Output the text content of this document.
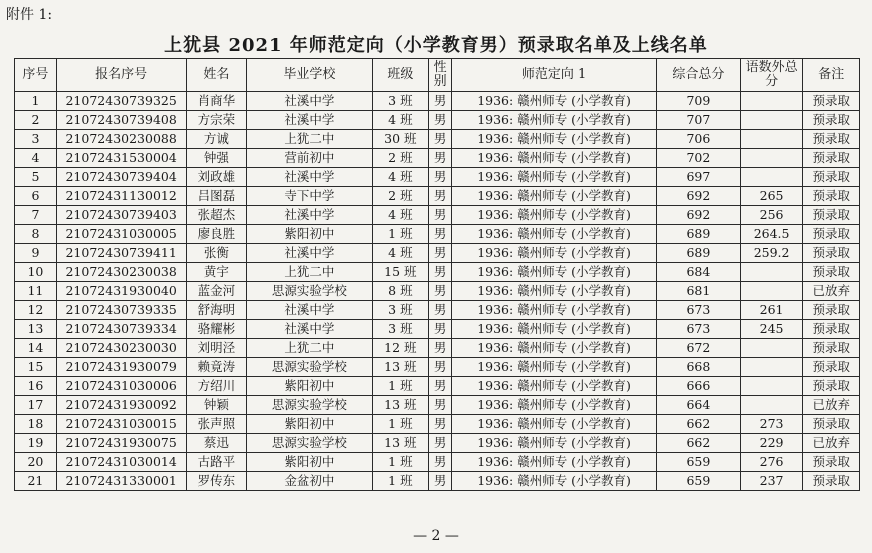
附件 1:
上犹县 2021 年师范定向（小学教育男）预录取名单及上线名单
序号	报名序号	姓名	毕业学校	班级	性别	师范定向 1	综合总分	语数外总分	备注

1	21072430739325	肖商华	社溪中学	3 班	男	1936: 赣州师专 (小学教育)	709		预录取
2	21072430739408	方宗荣	社溪中学	4 班	男	1936: 赣州师专 (小学教育)	707		预录取
3	21072430230088	方诚	上犹二中	30 班	男	1936: 赣州师专 (小学教育)	706		预录取
4	21072431530004	钟强	营前初中	2 班	男	1936: 赣州师专 (小学教育)	702		预录取
5	21072430739404	刘政雄	社溪中学	4 班	男	1936: 赣州师专 (小学教育)	697		预录取
6	21072431130012	吕图磊	寺下中学	2 班	男	1936: 赣州师专 (小学教育)	692	265	预录取
7	21072430739403	张超杰	社溪中学	4 班	男	1936: 赣州师专 (小学教育)	692	256	预录取
8	21072431030005	廖良胜	紫阳初中	1 班	男	1936: 赣州师专 (小学教育)	689	264.5	预录取
9	21072430739411	张衡	社溪中学	4 班	男	1936: 赣州师专 (小学教育)	689	259.2	预录取
10	21072430230038	黄宇	上犹二中	15 班	男	1936: 赣州师专 (小学教育)	684		预录取
11	21072431930040	蓝金河	思源实验学校	8 班	男	1936: 赣州师专 (小学教育)	681		已放弃
12	21072430739335	舒海明	社溪中学	3 班	男	1936: 赣州师专 (小学教育)	673	261	预录取
13	21072430739334	骆耀彬	社溪中学	3 班	男	1936: 赣州师专 (小学教育)	673	245	预录取
14	21072430230030	刘明泾	上犹二中	12 班	男	1936: 赣州师专 (小学教育)	672		预录取
15	21072431930079	赖竟涛	思源实验学校	13 班	男	1936: 赣州师专 (小学教育)	668		预录取
16	21072431030006	方绍川	紫阳初中	1 班	男	1936: 赣州师专 (小学教育)	666		预录取
17	21072431930092	钟颖	思源实验学校	13 班	男	1936: 赣州师专 (小学教育)	664		已放弃
18	21072431030015	张声照	紫阳初中	1 班	男	1936: 赣州师专 (小学教育)	662	273	预录取
19	21072431930075	蔡迅	思源实验学校	13 班	男	1936: 赣州师专 (小学教育)	662	229	已放弃
20	21072431030014	古路平	紫阳初中	1 班	男	1936: 赣州师专 (小学教育)	659	276	预录取
21	21072431330001	罗传东	金盆初中	1 班	男	1936: 赣州师专 (小学教育)	659	237	预录取
— 2 —
